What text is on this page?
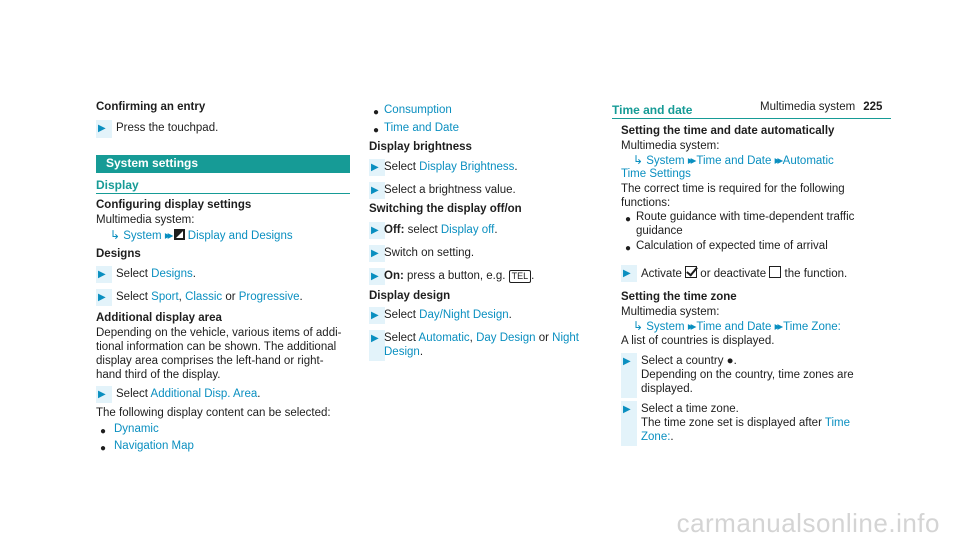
Multimedia system 225
Confirming an entry
▶ Press the touchpad.
System settings
Display
Configuring display settings
Multimedia system:
↳ System ▸▸ Display and Designs
Designs
▶ Select Designs.
▶ Select Sport, Classic or Progressive.
Additional display area
Depending on the vehicle, various items of addi-
tional information can be shown. The additional
display area comprises the left-hand or right-
hand third of the display.
▶ Select Additional Disp. Area.
The following display content can be selected:
● Dynamic
● Navigation Map
● Consumption
● Time and Date
Display brightness
▶ Select Display Brightness.
▶ Select a brightness value.
Switching the display off/on
▶ Off: select Display off.
▶ Switch on setting.
▶ On: press a button, e.g. TEL .
Display design
▶ Select Day/Night Design.
▶ Select Automatic, Day Design or Night
Design.
Time and date
Setting the time and date automatically
Multimedia system:
↳ System ▸▸ Time and Date ▸▸ Automatic
Time Settings
The correct time is required for the following
functions:
● Route guidance with time-dependent traffic
guidance
● Calculation of expected time of arrival
▶ Activate  or deactivate  the function.
Setting the time zone
Multimedia system:
↳ System ▸▸ Time and Date ▸▸ Time Zone:
A list of countries is displayed.
▶ Select a country ●.
Depending on the country, time zones are
displayed.
▶ Select a time zone.
The time zone set is displayed after Time
Zone:.
carmanualsonline.info
